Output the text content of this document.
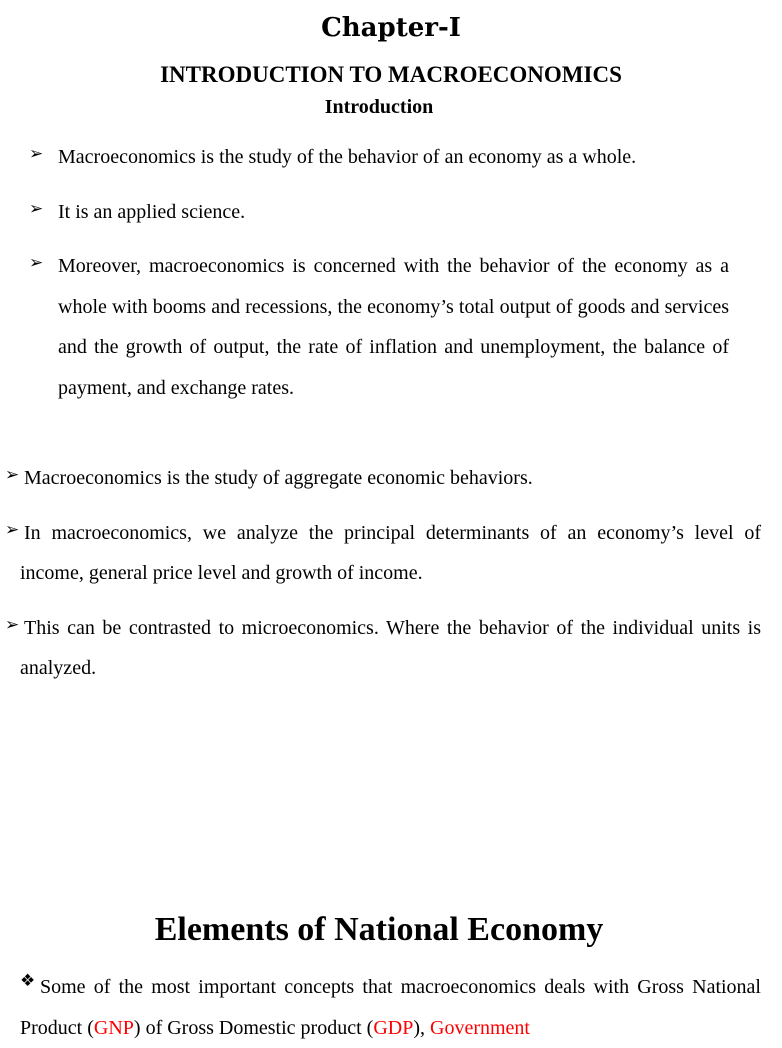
Chapter-I
INTRODUCTION TO MACROECONOMICS
Introduction
➢ Macroeconomics is the study of the behavior of an economy as a whole.
➢ It is an applied science.
➢ Moreover, macroeconomics is concerned with the behavior of the economy as a whole with booms and recessions, the economy’s total output of goods and services and the growth of output, the rate of inflation and unemployment, the balance of payment, and exchange rates.
➢ Macroeconomics is the study of aggregate economic behaviors.
➢ In macroeconomics, we analyze the principal determinants of an economy’s level of income, general price level and growth of income.
➢ This can be contrasted to microeconomics. Where the behavior of the individual units is analyzed.
Elements of National Economy
❖ Some of the most important concepts that macroeconomics deals with Gross National Product (GNP) of Gross Domestic product (GDP), Government
